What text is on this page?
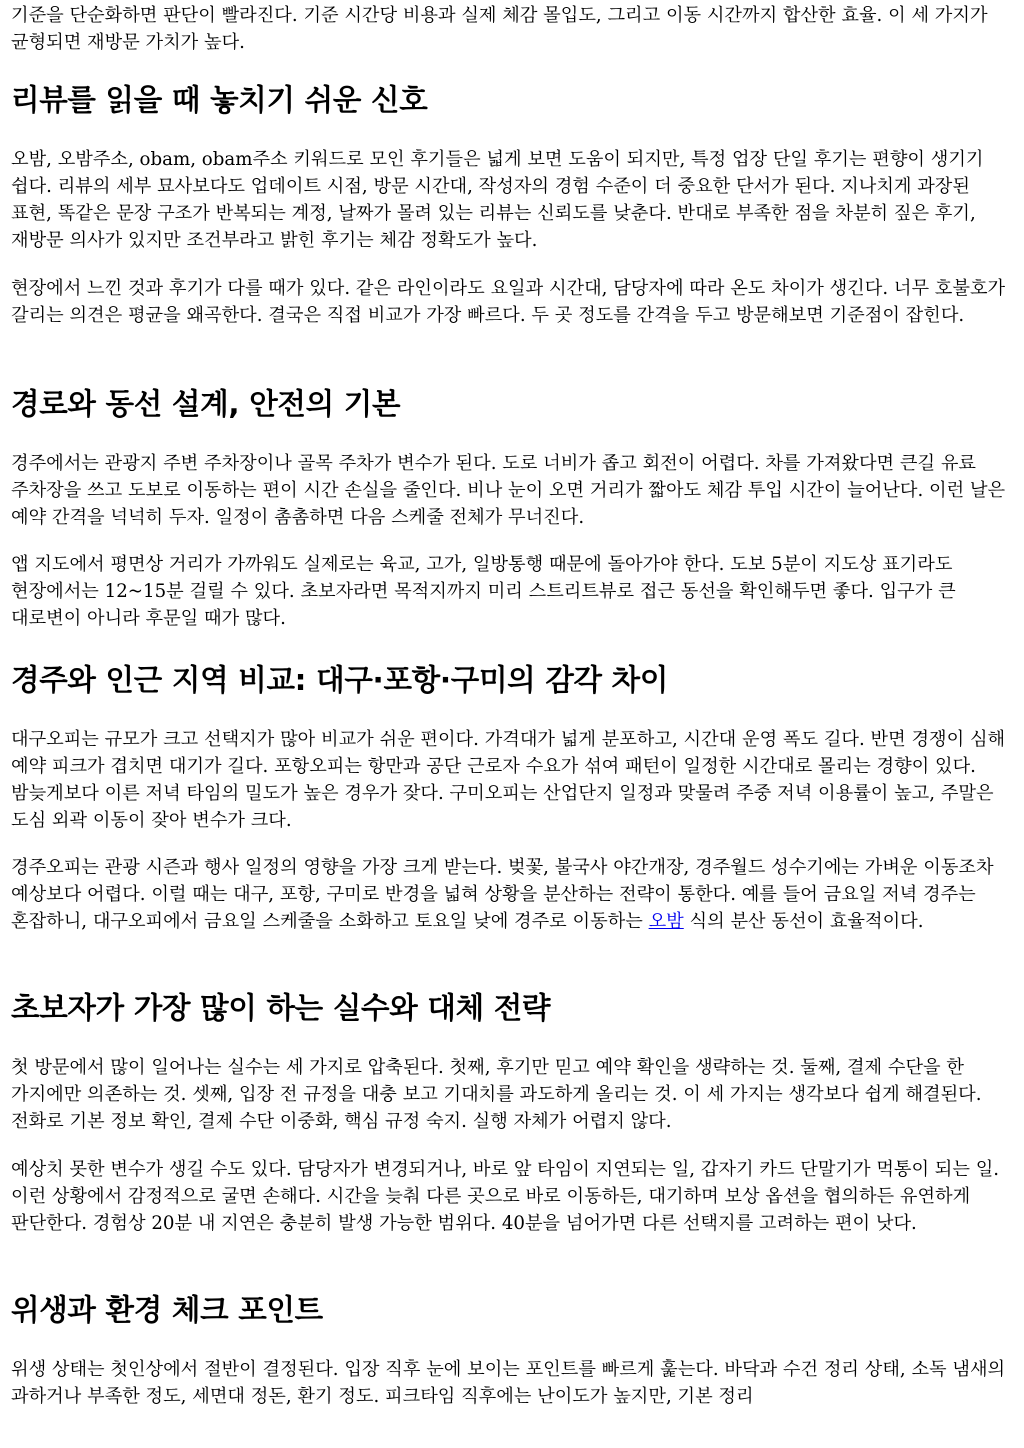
기준을 단순화하면 판단이 빨라진다. 기준 시간당 비용과 실제 체감 몰입도, 그리고 이동 시간까지 합산한 효율. 이 세 가지가 균형되면 재방문 가치가 높다.

리뷰를 읽을 때 놓치기 쉬운 신호

오밤, 오밤주소, obam, obam주소 키워드로 모인 후기들은 넓게 보면 도움이 되지만, 특정 업장 단일 후기는 편향이 생기기 쉽다. 리뷰의 세부 묘사보다도 업데이트 시점, 방문 시간대, 작성자의 경험 수준이 더 중요한 단서가 된다. 지나치게 과장된 표현, 똑같은 문장 구조가 반복되는 계정, 날짜가 몰려 있는 리뷰는 신뢰도를 낮춘다. 반대로 부족한 점을 차분히 짚은 후기, 재방문 의사가 있지만 조건부라고 밝힌 후기는 체감 정확도가 높다.

현장에서 느낀 것과 후기가 다를 때가 있다. 같은 라인이라도 요일과 시간대, 담당자에 따라 온도 차이가 생긴다. 너무 호불호가 갈리는 의견은 평균을 왜곡한다. 결국은 직접 비교가 가장 빠르다. 두 곳 정도를 간격을 두고 방문해보면 기준점이 잡힌다.

경로와 동선 설계, 안전의 기본

경주에서는 관광지 주변 주차장이나 골목 주차가 변수가 된다. 도로 너비가 좁고 회전이 어렵다. 차를 가져왔다면 큰길 유료 주차장을 쓰고 도보로 이동하는 편이 시간 손실을 줄인다. 비나 눈이 오면 거리가 짧아도 체감 투입 시간이 늘어난다. 이런 날은 예약 간격을 넉넉히 두자. 일정이 촘촘하면 다음 스케줄 전체가 무너진다.

앱 지도에서 평면상 거리가 가까워도 실제로는 육교, 고가, 일방통행 때문에 돌아가야 한다. 도보 5분이 지도상 표기라도 현장에서는 12~15분 걸릴 수 있다. 초보자라면 목적지까지 미리 스트리트뷰로 접근 동선을 확인해두면 좋다. 입구가 큰 대로변이 아니라 후문일 때가 많다.

경주와 인근 지역 비교: 대구·포항·구미의 감각 차이

대구오피는 규모가 크고 선택지가 많아 비교가 쉬운 편이다. 가격대가 넓게 분포하고, 시간대 운영 폭도 길다. 반면 경쟁이 심해 예약 피크가 겹치면 대기가 길다. 포항오피는 항만과 공단 근로자 수요가 섞여 패턴이 일정한 시간대로 몰리는 경향이 있다. 밤늦게보다 이른 저녁 타임의 밀도가 높은 경우가 잦다. 구미오피는 산업단지 일정과 맞물려 주중 저녁 이용률이 높고, 주말은 도심 외곽 이동이 잦아 변수가 크다.

경주오피는 관광 시즌과 행사 일정의 영향을 가장 크게 받는다. 벚꽃, 불국사 야간개장, 경주월드 성수기에는 가벼운 이동조차 예상보다 어렵다. 이럴 때는 대구, 포항, 구미로 반경을 넓혀 상황을 분산하는 전략이 통한다. 예를 들어 금요일 저녁 경주는 혼잡하니, 대구오피에서 금요일 스케줄을 소화하고 토요일 낮에 경주로 이동하는 오밤 식의 분산 동선이 효율적이다.

초보자가 가장 많이 하는 실수와 대체 전략

첫 방문에서 많이 일어나는 실수는 세 가지로 압축된다. 첫째, 후기만 믿고 예약 확인을 생략하는 것. 둘째, 결제 수단을 한 가지에만 의존하는 것. 셋째, 입장 전 규정을 대충 보고 기대치를 과도하게 올리는 것. 이 세 가지는 생각보다 쉽게 해결된다. 전화로 기본 정보 확인, 결제 수단 이중화, 핵심 규정 숙지. 실행 자체가 어렵지 않다.

예상치 못한 변수가 생길 수도 있다. 담당자가 변경되거나, 바로 앞 타임이 지연되는 일, 갑자기 카드 단말기가 먹통이 되는 일. 이런 상황에서 감정적으로 굴면 손해다. 시간을 늦춰 다른 곳으로 바로 이동하든, 대기하며 보상 옵션을 협의하든 유연하게 판단한다. 경험상 20분 내 지연은 충분히 발생 가능한 범위다. 40분을 넘어가면 다른 선택지를 고려하는 편이 낫다.

위생과 환경 체크 포인트

위생 상태는 첫인상에서 절반이 결정된다. 입장 직후 눈에 보이는 포인트를 빠르게 훑는다. 바닥과 수건 정리 상태, 소독 냄새의 과하거나 부족한 정도, 세면대 정돈, 환기 정도. 피크타임 직후에는 난이도가 높지만, 기본 정리
